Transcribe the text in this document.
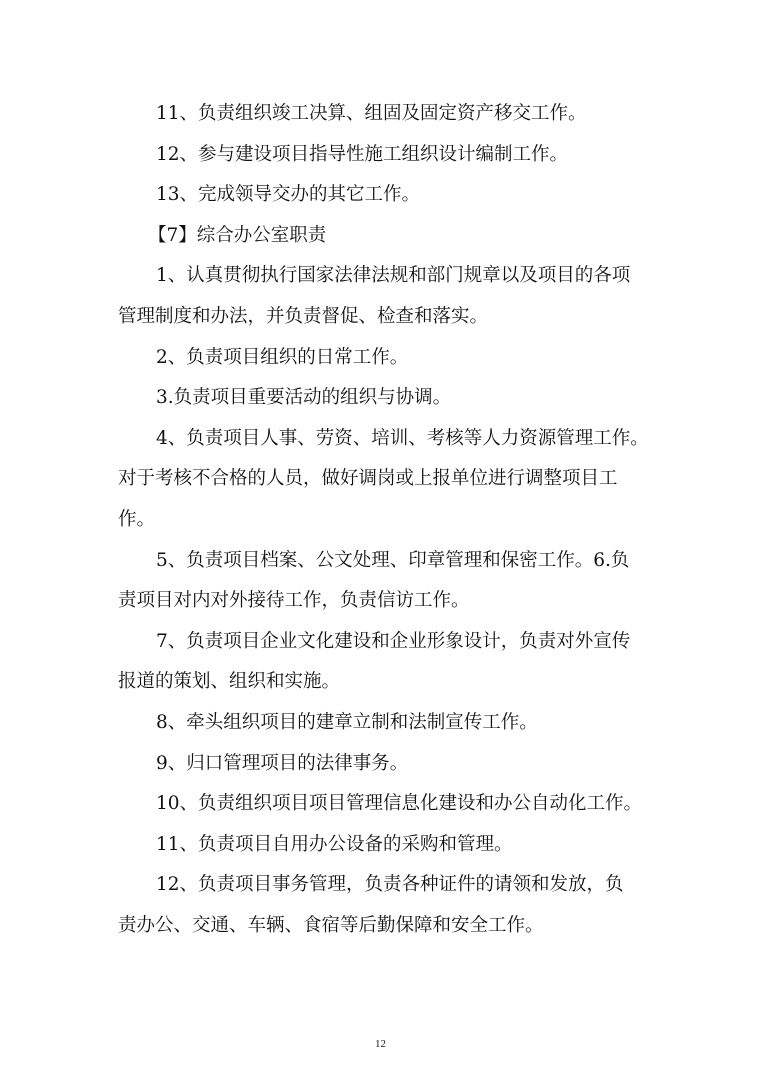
11、负责组织竣工决算、组固及固定资产移交工作。
12、参与建设项目指导性施工组织设计编制工作。
13、完成领导交办的其它工作。
【7】综合办公室职责
1、认真贯彻执行国家法律法规和部门规章以及项目的各项
管理制度和办法，并负责督促、检查和落实。
2、负责项目组织的日常工作。
3.负责项目重要活动的组织与协调。
4、负责项目人事、劳资、培训、考核等人力资源管理工作。
对于考核不合格的人员，做好调岗或上报单位进行调整项目工
作。
5、负责项目档案、公文处理、印章管理和保密工作。6.负
责项目对内对外接待工作，负责信访工作。
7、负责项目企业文化建设和企业形象设计，负责对外宣传
报道的策划、组织和实施。
8、牵头组织项目的建章立制和法制宣传工作。
9、归口管理项目的法律事务。
10、负责组织项目项目管理信息化建设和办公自动化工作。
11、负责项目自用办公设备的采购和管理。
12、负责项目事务管理，负责各种证件的请领和发放，负
责办公、交通、车辆、食宿等后勤保障和安全工作。
12
